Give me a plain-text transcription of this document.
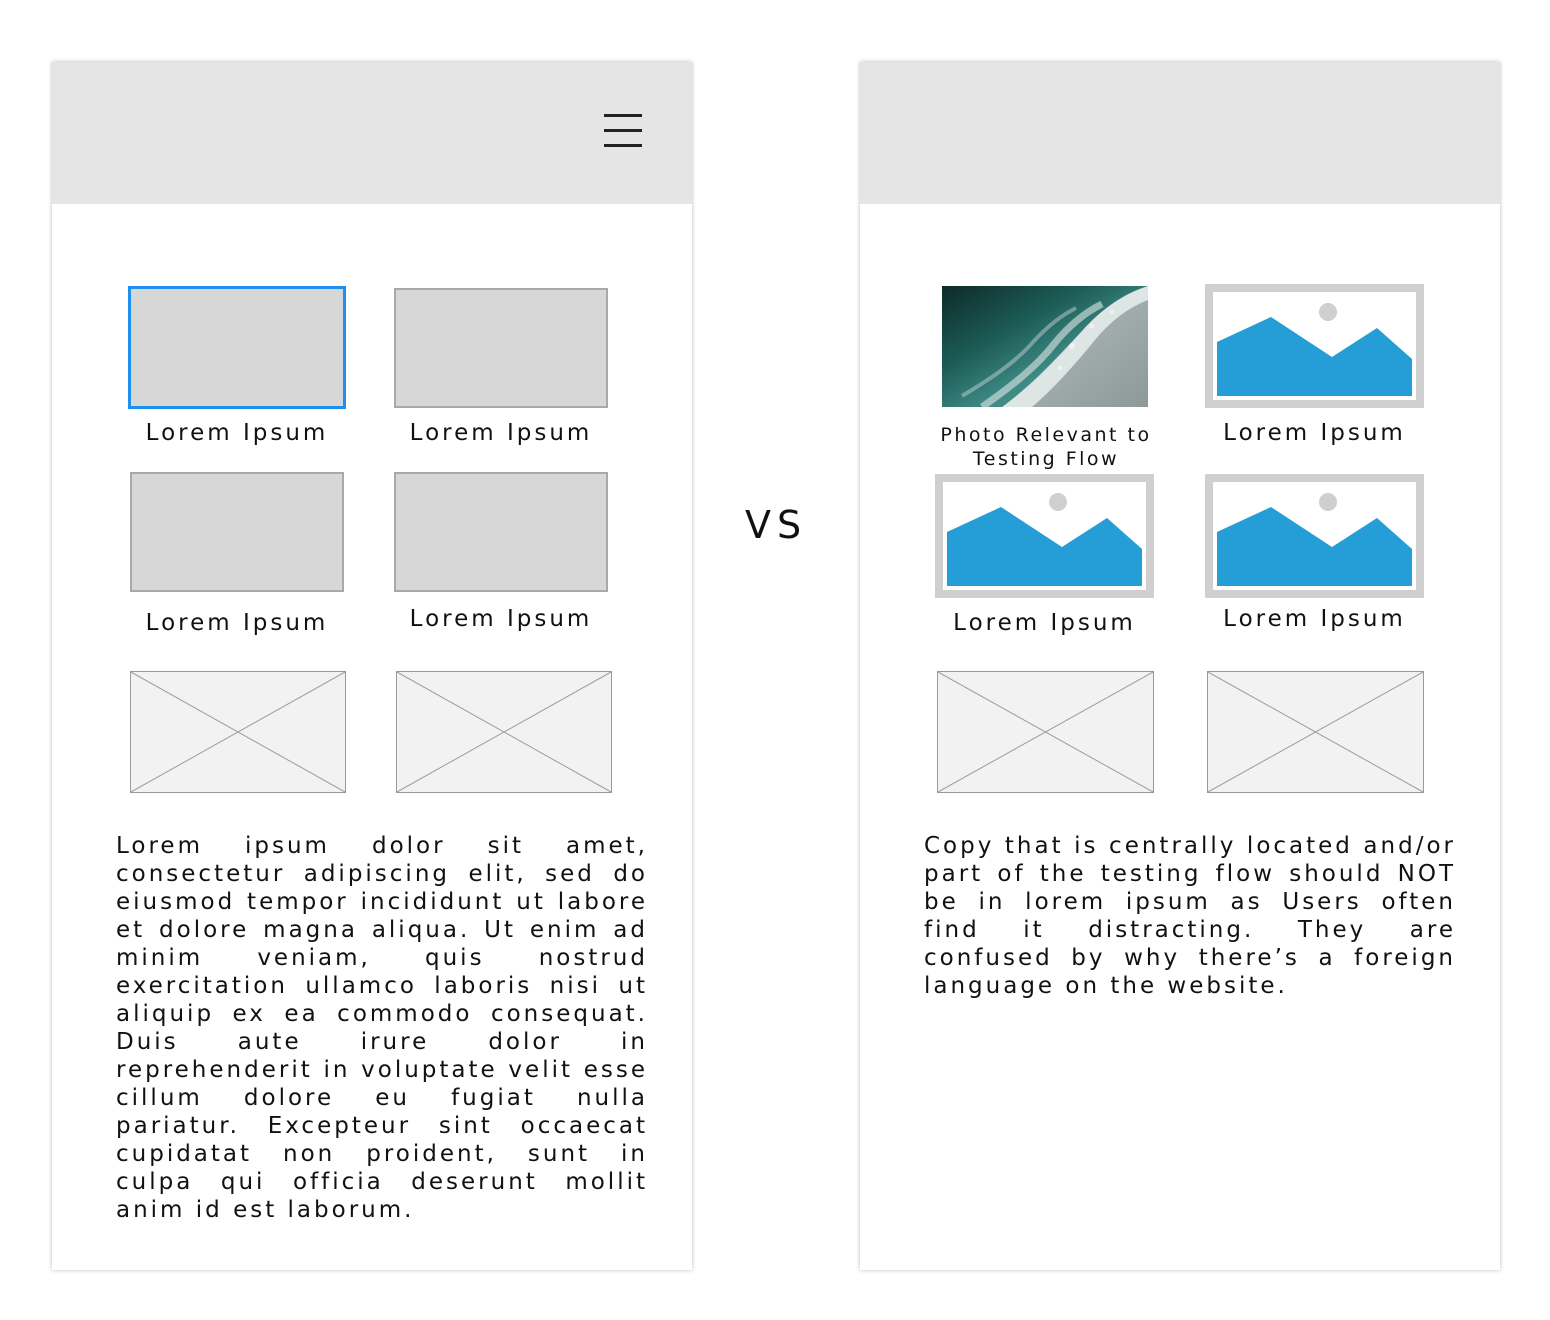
Lorem Ipsum	Lorem Ipsum
Lorem Ipsum	Lorem Ipsum
Lorem ipsum dolor sit amet, consectetur adipiscing elit, sed do eiusmod tempor incididunt ut labore et dolore magna aliqua. Ut enim ad minim veniam, quis nostrud exercitation ullamco laboris nisi ut aliquip ex ea commodo consequat. Duis aute irure dolor in reprehenderit in voluptate velit esse cillum dolore eu fugiat nulla pariatur. Excepteur sint occaecat cupidatat non proident, sunt in culpa qui officia deserunt mollit anim id est laborum.
VS
Photo Relevant to Testing Flow
Lorem Ipsum
Lorem Ipsum	Lorem Ipsum
Copy that is centrally located and/or part of the testing flow should NOT be in lorem ipsum as Users often find it distracting. They are confused by why there’s a foreign language on the website.
